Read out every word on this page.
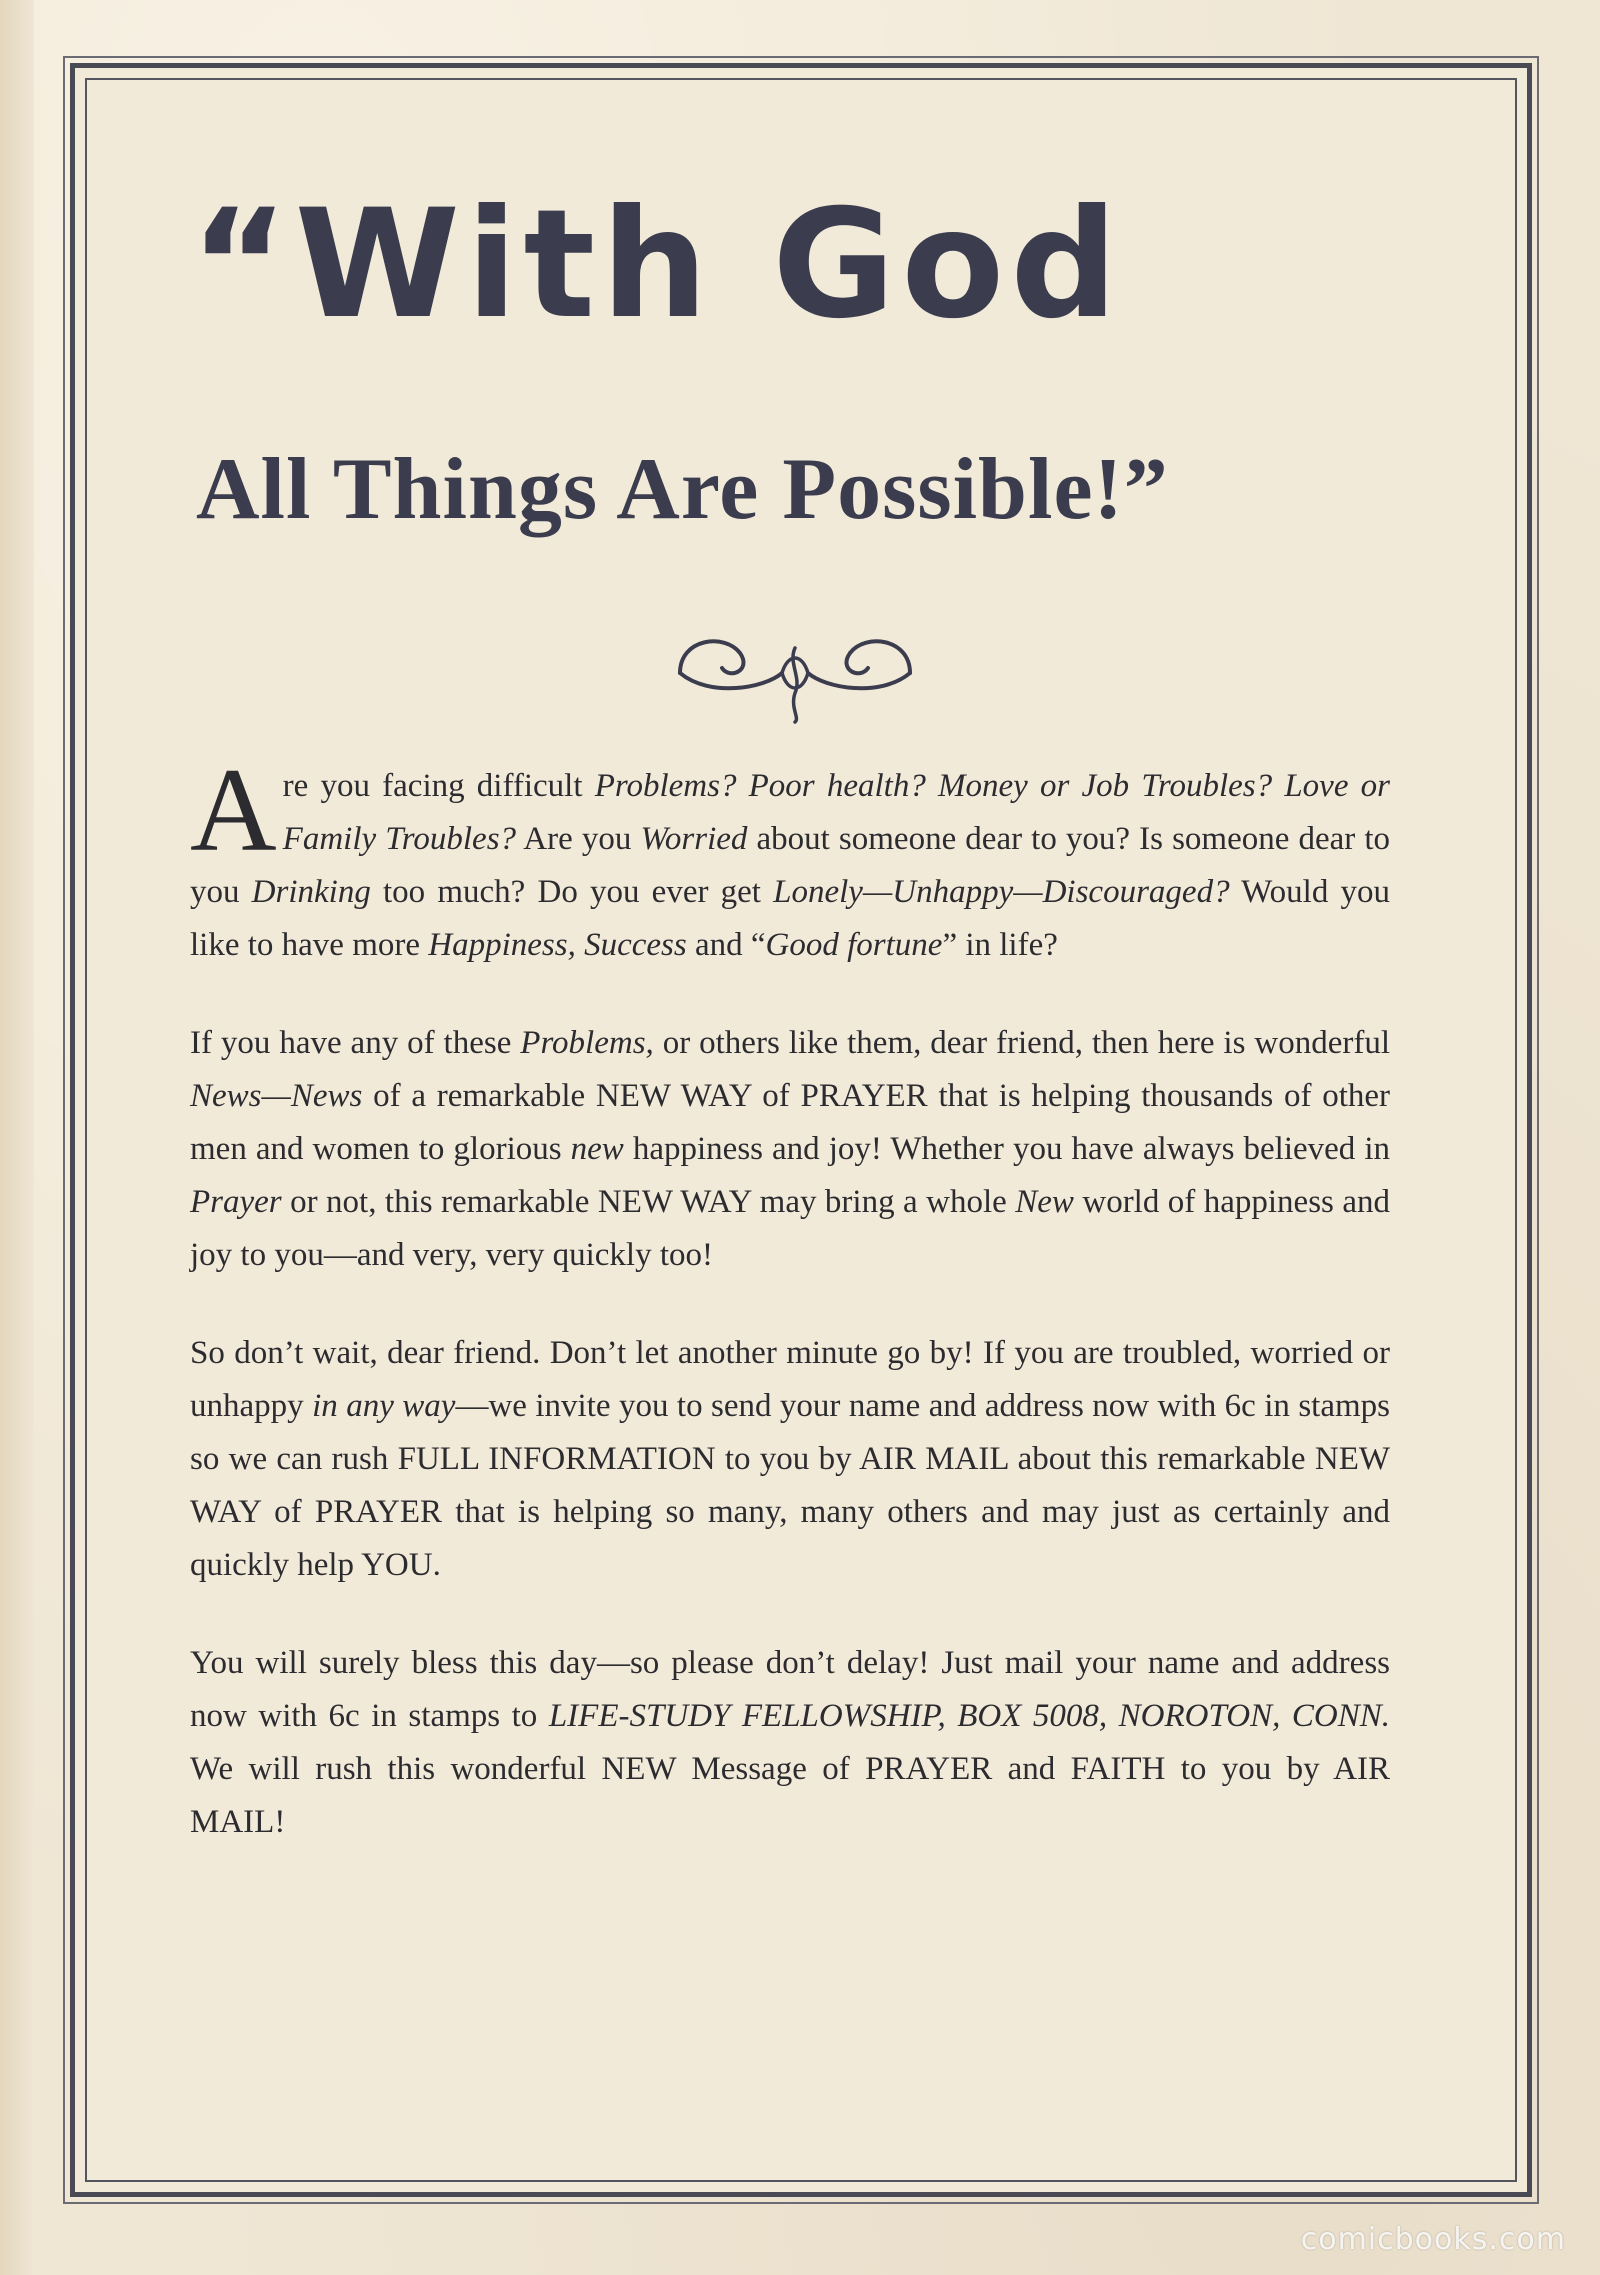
“With God
All Things Are Possible!”

Are you facing difficult Problems? Poor health? Money or Job Troubles? Love or Family Troubles? Are you Worried about someone dear to you? Is someone dear to you Drinking too much? Do you ever get Lonely—Unhappy—Discouraged? Would you like to have more Happiness, Success and “Good fortune” in life?

If you have any of these Problems, or others like them, dear friend, then here is wonderful News—News of a remarkable NEW WAY of PRAYER that is helping thousands of other men and women to glorious new happiness and joy! Whether you have always believed in Prayer or not, this remarkable NEW WAY may bring a whole New world of happiness and joy to you—and very, very quickly too!

So don’t wait, dear friend. Don’t let another minute go by! If you are troubled, worried or unhappy in any way—we invite you to send your name and address now with 6c in stamps so we can rush FULL INFORMATION to you by AIR MAIL about this remarkable NEW WAY of PRAYER that is helping so many, many others and may just as certainly and quickly help YOU.

You will surely bless this day—so please don’t delay! Just mail your name and address now with 6c in stamps to LIFE-STUDY FELLOWSHIP, BOX 5008, NOROTON, CONN. We will rush this wonderful NEW Message of PRAYER and FAITH to you by AIR MAIL!

comicbooks.com
